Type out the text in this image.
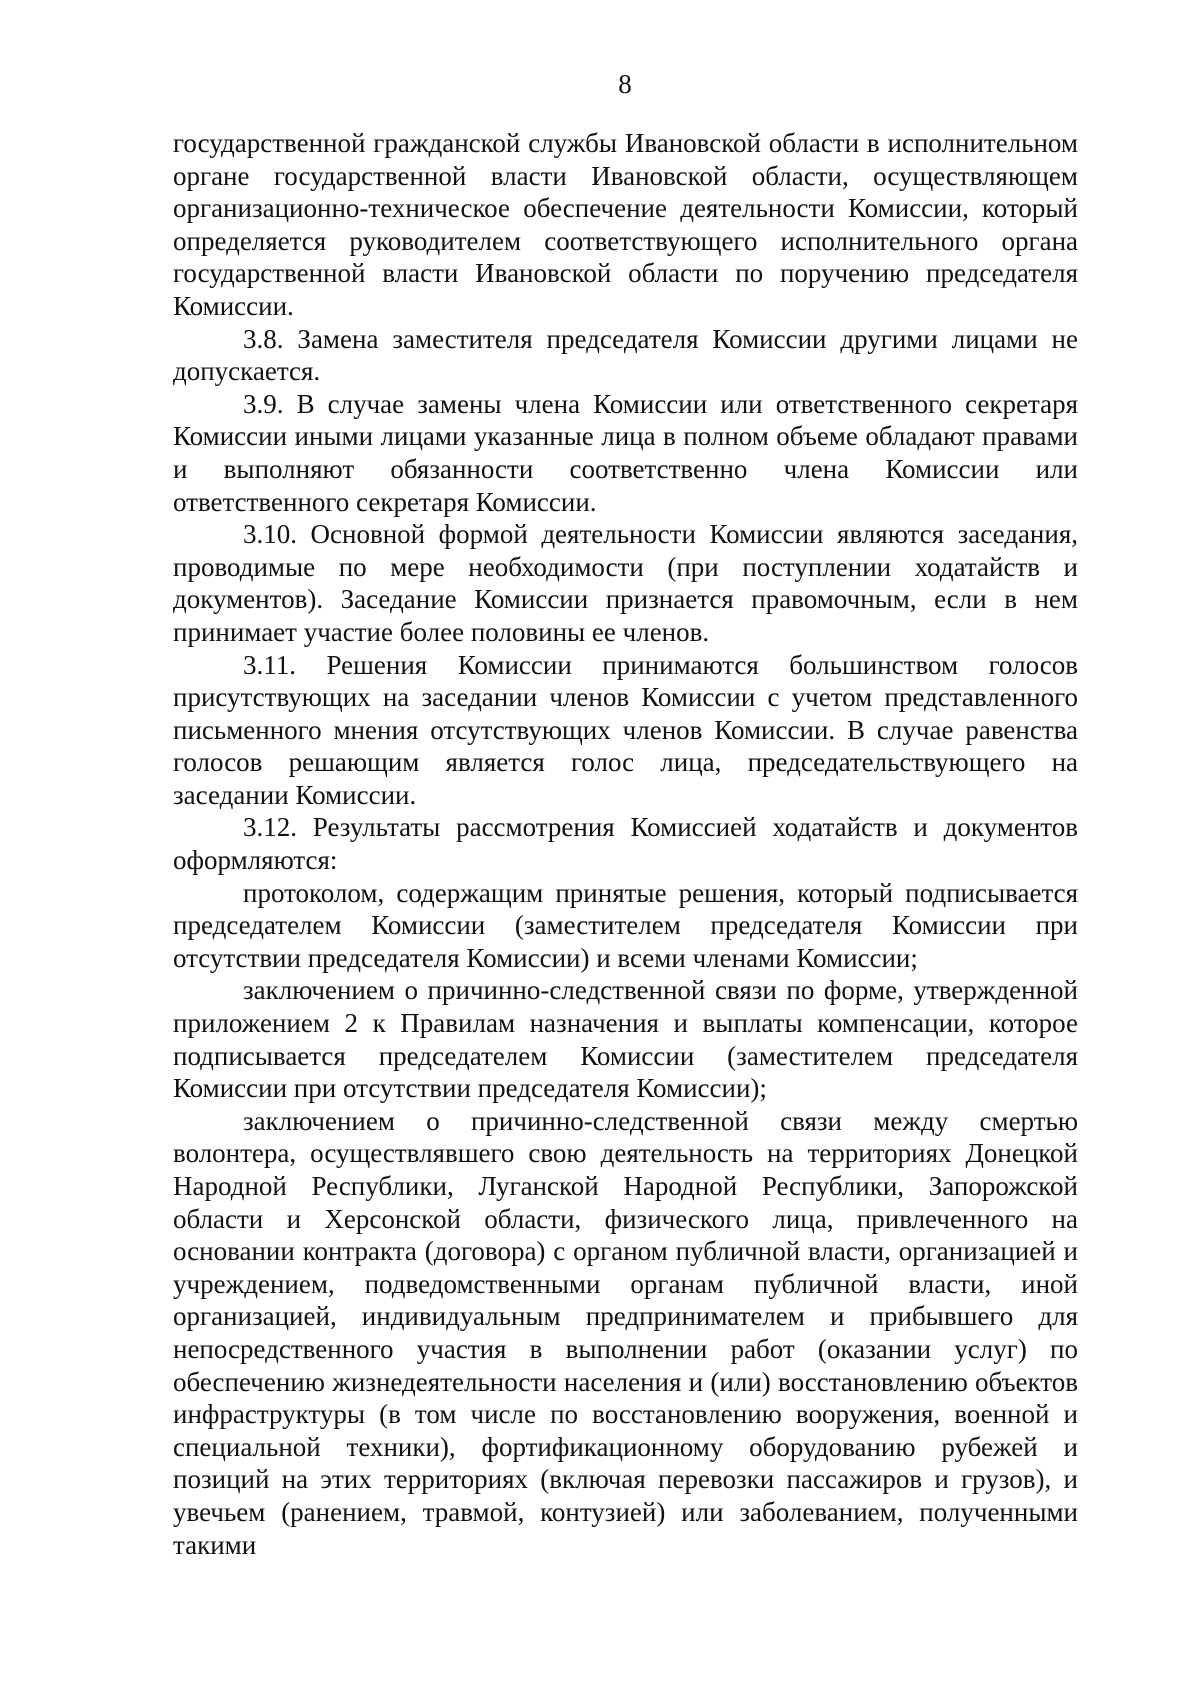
8

государственной гражданской службы Ивановской области в исполнительном органе государственной власти Ивановской области, осуществляющем организационно-техническое обеспечение деятельности Комиссии, который определяется руководителем соответствующего исполнительного органа государственной власти Ивановской области по поручению председателя Комиссии.

3.8. Замена заместителя председателя Комиссии другими лицами не допускается.

3.9. В случае замены члена Комиссии или ответственного секретаря Комиссии иными лицами указанные лица в полном объеме обладают правами и выполняют обязанности соответственно члена Комиссии или ответственного секретаря Комиссии.

3.10. Основной формой деятельности Комиссии являются заседания, проводимые по мере необходимости (при поступлении ходатайств и документов). Заседание Комиссии признается правомочным, если в нем принимает участие более половины ее членов.

3.11. Решения Комиссии принимаются большинством голосов присутствующих на заседании членов Комиссии с учетом представленного письменного мнения отсутствующих членов Комиссии. В случае равенства голосов решающим является голос лица, председательствующего на заседании Комиссии.

3.12. Результаты рассмотрения Комиссией ходатайств и документов оформляются:

протоколом, содержащим принятые решения, который подписывается председателем Комиссии (заместителем председателя Комиссии при отсутствии председателя Комиссии) и всеми членами Комиссии;

заключением о причинно-следственной связи по форме, утвержденной приложением 2 к Правилам назначения и выплаты компенсации, которое подписывается председателем Комиссии (заместителем председателя Комиссии при отсутствии председателя Комиссии);

заключением о причинно-следственной связи между смертью волонтера, осуществлявшего свою деятельность на территориях Донецкой Народной Республики, Луганской Народной Республики, Запорожской области и Херсонской области, физического лица, привлеченного на основании контракта (договора) с органом публичной власти, организацией и учреждением, подведомственными органам публичной власти, иной организацией, индивидуальным предпринимателем и прибывшего для непосредственного участия в выполнении работ (оказании услуг) по обеспечению жизнедеятельности населения и (или) восстановлению объектов инфраструктуры (в том числе по восстановлению вооружения, военной и специальной техники), фортификационному оборудованию рубежей и позиций на этих территориях (включая перевозки пассажиров и грузов), и увечьем (ранением, травмой, контузией) или заболеванием, полученными такими
